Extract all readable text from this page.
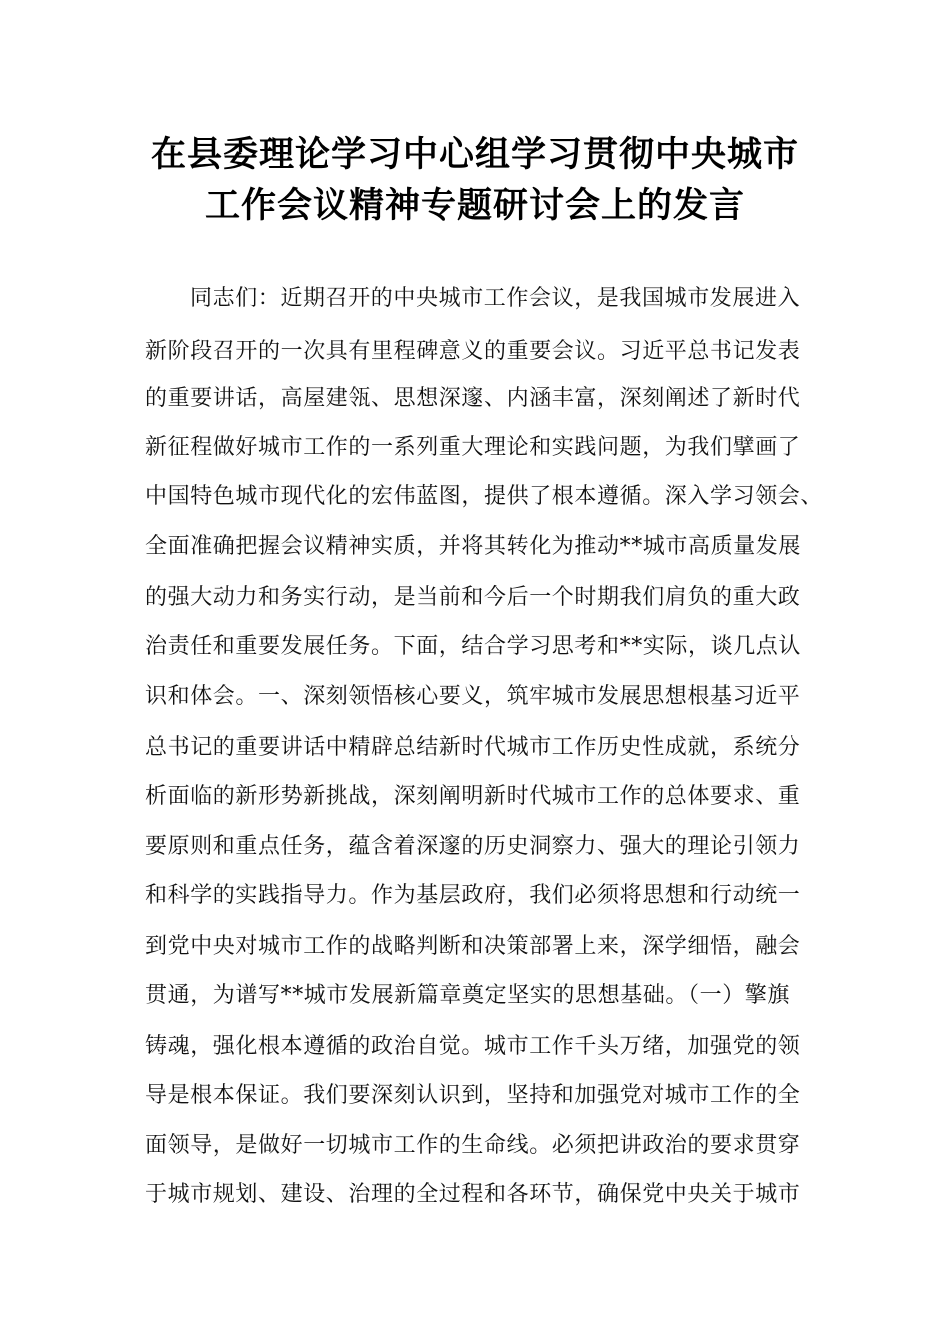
在县委理论学习中心组学习贯彻中央城市
工作会议精神专题研讨会上的发言
同志们：近期召开的中央城市工作会议，是我国城市发展进入
新阶段召开的一次具有里程碑意义的重要会议。习近平总书记发表
的重要讲话，高屋建瓴、思想深邃、内涵丰富，深刻阐述了新时代
新征程做好城市工作的一系列重大理论和实践问题，为我们擘画了
中国特色城市现代化的宏伟蓝图，提供了根本遵循。深入学习领会、
全面准确把握会议精神实质，并将其转化为推动**城市高质量发展
的强大动力和务实行动，是当前和今后一个时期我们肩负的重大政
治责任和重要发展任务。下面，结合学习思考和**实际，谈几点认
识和体会。一、深刻领悟核心要义，筑牢城市发展思想根基习近平
总书记的重要讲话中精辟总结新时代城市工作历史性成就，系统分
析面临的新形势新挑战，深刻阐明新时代城市工作的总体要求、重
要原则和重点任务，蕴含着深邃的历史洞察力、强大的理论引领力
和科学的实践指导力。作为基层政府，我们必须将思想和行动统一
到党中央对城市工作的战略判断和决策部署上来，深学细悟，融会
贯通，为谱写**城市发展新篇章奠定坚实的思想基础。（一）擎旗
铸魂，强化根本遵循的政治自觉。城市工作千头万绪，加强党的领
导是根本保证。我们要深刻认识到，坚持和加强党对城市工作的全
面领导，是做好一切城市工作的生命线。必须把讲政治的要求贯穿
于城市规划、建设、治理的全过程和各环节，确保党中央关于城市
